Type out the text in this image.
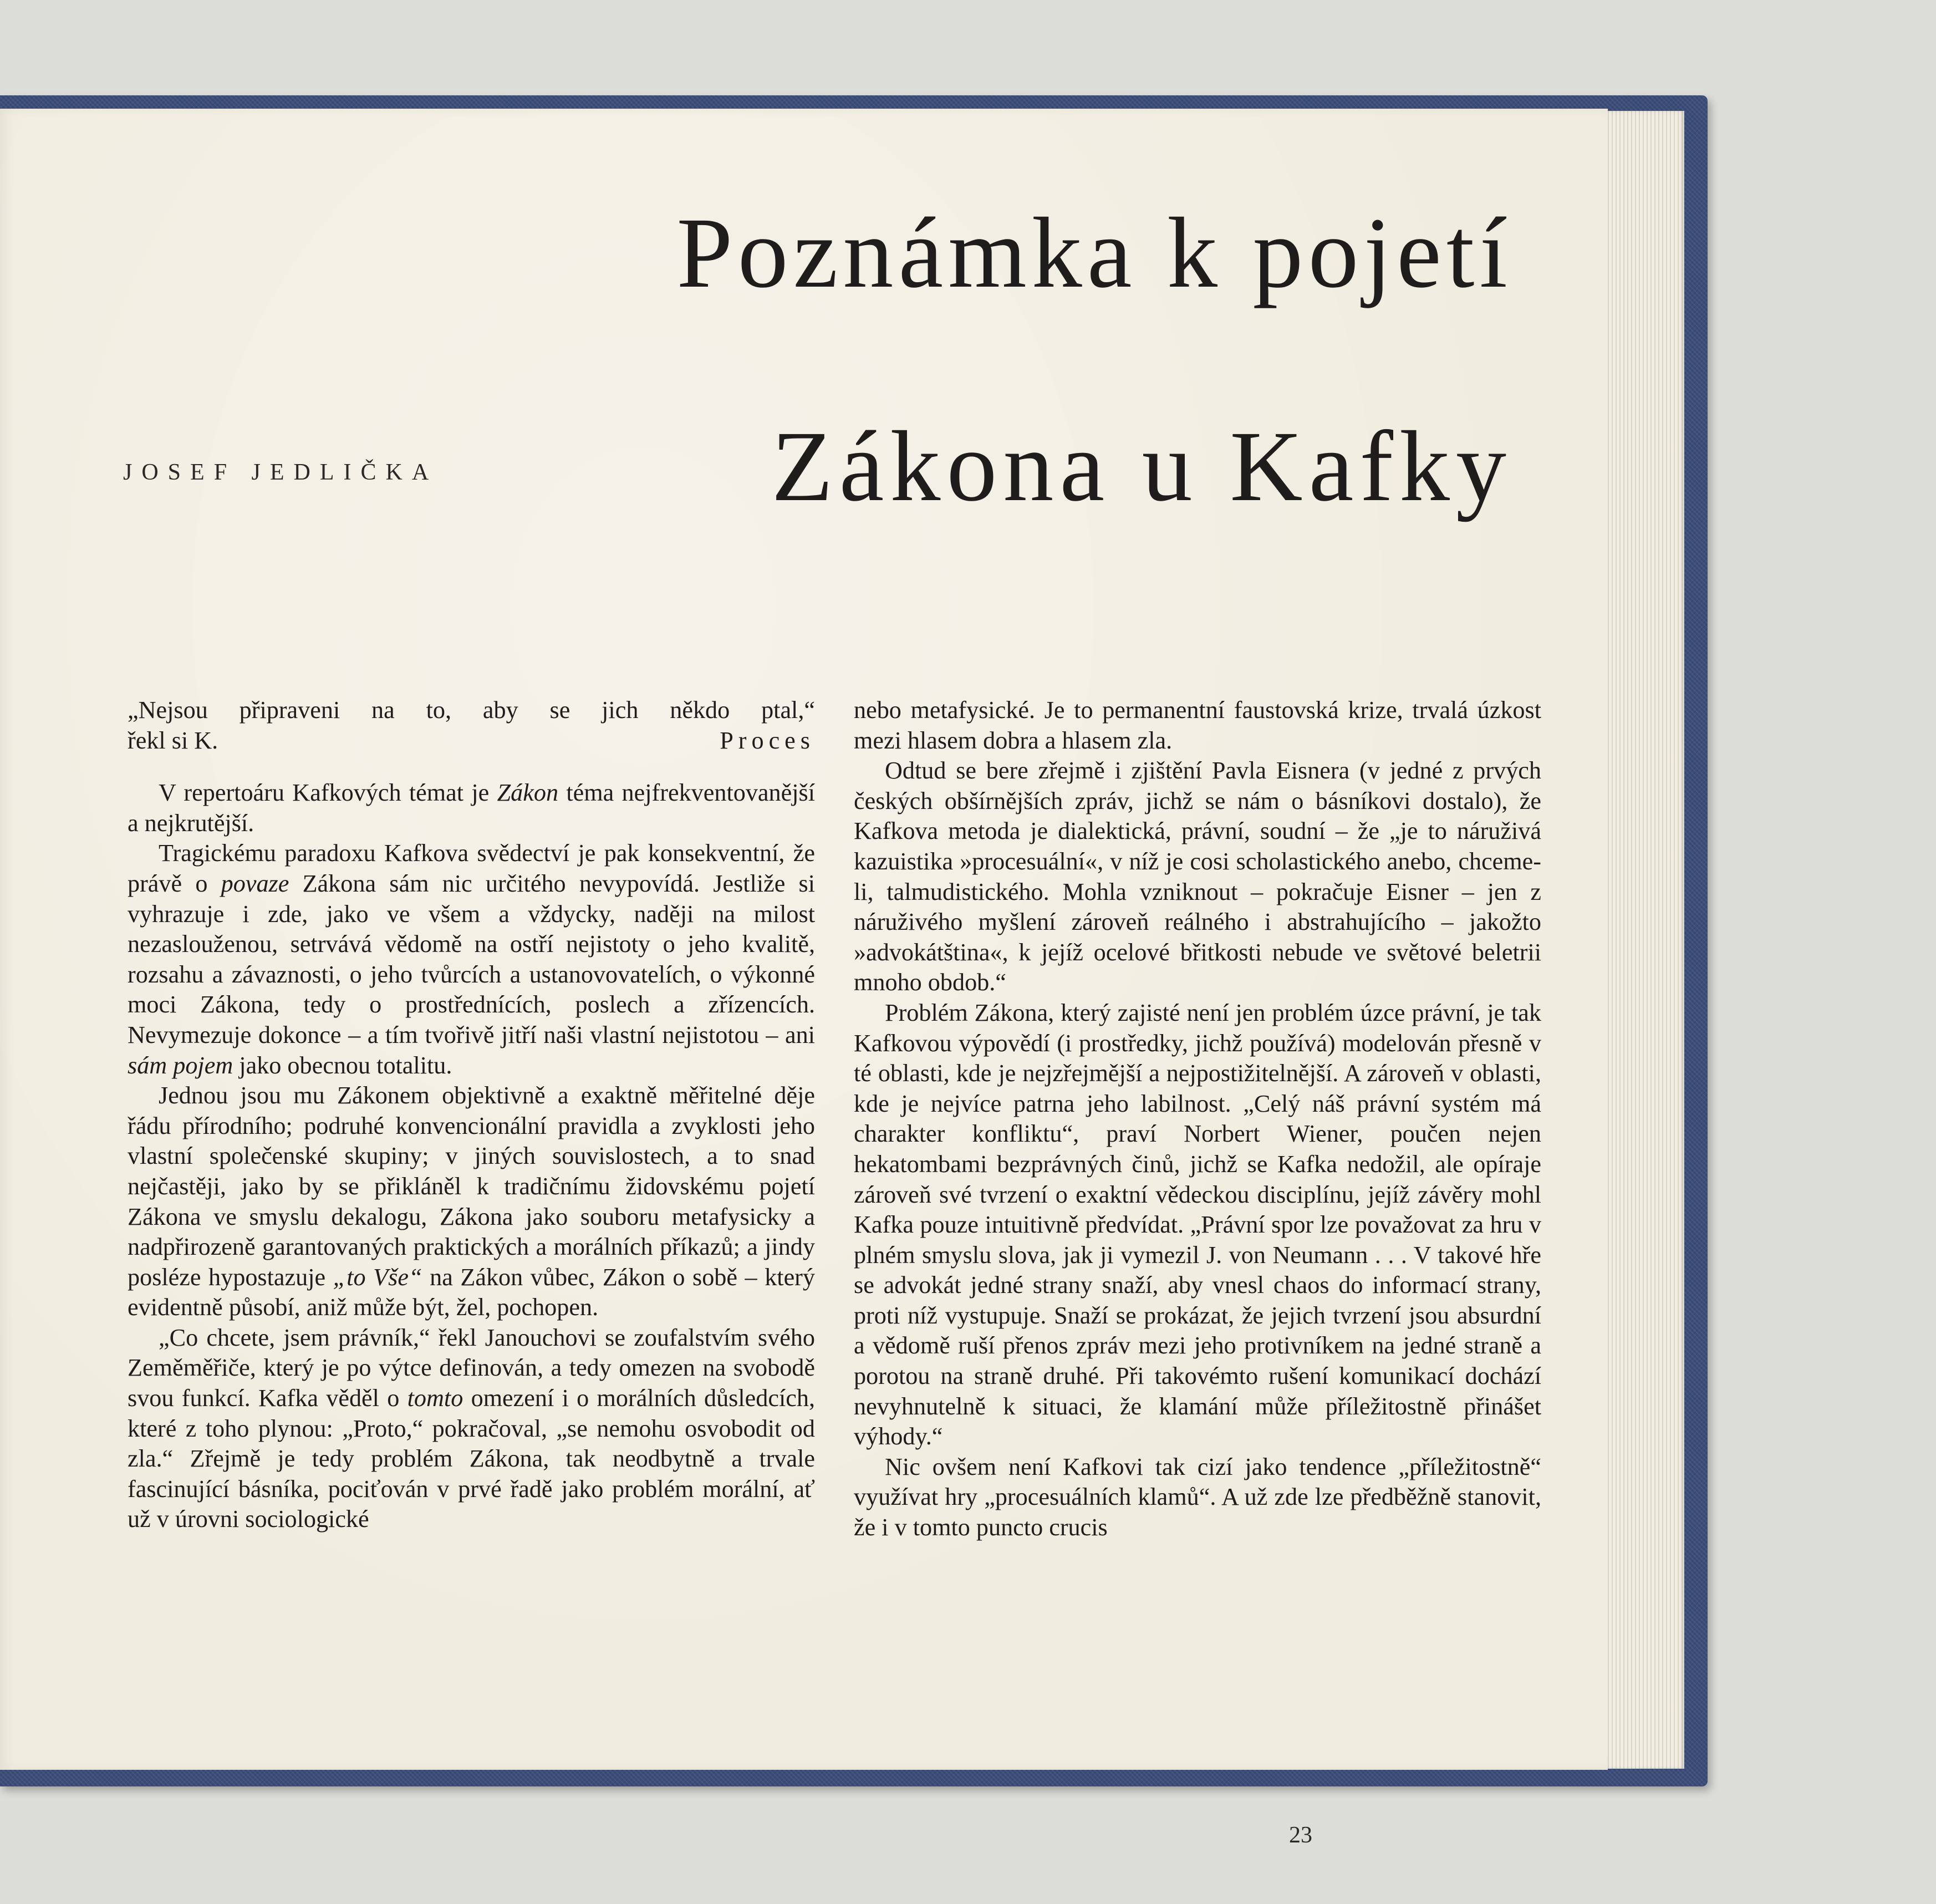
Poznámka k pojetí
Zákona u Kafky
JOSEF JEDLIČKA

„Nejsou připraveni na to, aby se jich někdo ptal,“

řekl si K.	Proces

V repertoáru Kafkových témat je Zákon téma nejfrekventovanější a nejkrutější.

Tragickému paradoxu Kafkova svědectví je pak konsekventní, že právě o povaze Zákona sám nic určitého nevypovídá. Jestliže si vyhrazuje i zde, jako ve všem a vždycky, naději na milost nezaslouženou, setrvává vědomě na ostří nejistoty o jeho kvalitě, rozsahu a závaznosti, o jeho tvůrcích a ustanovovatelích, o výkonné moci Zákona, tedy o prostřednících, poslech a zřízencích. Nevymezuje dokonce – a tím tvořivě jitří naši vlastní nejistotou – ani sám pojem jako obecnou totalitu.

Jednou jsou mu Zákonem objektivně a exaktně měřitelné děje řádu přírodního; podruhé konvencionální pravidla a zvyklosti jeho vlastní společenské skupiny; v jiných souvislostech, a to snad nejčastěji, jako by se přikláněl k tradičnímu židovskému pojetí Zákona ve smyslu dekalogu, Zákona jako souboru metafysicky a nadpřirozeně garantovaných praktických a morálních příkazů; a jindy posléze hypostazuje „to Vše“ na Zákon vůbec, Zákon o sobě – který evidentně působí, aniž může být, žel, pochopen.

„Co chcete, jsem právník,“ řekl Janouchovi se zoufalstvím svého Zeměměřiče, který je po výtce definován, a tedy omezen na svobodě svou funkcí. Kafka věděl o tomto omezení i o morálních důsledcích, které z toho plynou: „Proto,“ pokračoval, „se nemohu osvobodit od zla.“ Zřejmě je tedy problém Zákona, tak neodbytně a trvale fascinující básníka, pociťován v prvé řadě jako problém morální, ať už v úrovni sociologické

nebo metafysické. Je to permanentní faustovská krize, trvalá úzkost mezi hlasem dobra a hlasem zla.

Odtud se bere zřejmě i zjištění Pavla Eisnera (v jedné z prvých českých obšírnějších zpráv, jichž se nám o básníkovi dostalo), že Kafkova metoda je dialektická, právní, soudní – že „je to náruživá kazuistika »procesuální«, v níž je cosi scholastického anebo, chceme-li, talmudistického. Mohla vzniknout – pokračuje Eisner – jen z náruživého myšlení zároveň reálného i abstrahujícího – jakožto »advokátština«, k jejíž ocelové břitkosti nebude ve světové beletrii mnoho obdob.“

Problém Zákona, který zajisté není jen problém úzce právní, je tak Kafkovou výpovědí (i prostředky, jichž používá) modelován přesně v té oblasti, kde je nejzřejmější a nejpostižitelnější. A zároveň v oblasti, kde je nejvíce patrna jeho labilnost. „Celý náš právní systém má charakter konfliktu“, praví Norbert Wiener, poučen nejen hekatombami bezprávných činů, jichž se Kafka nedožil, ale opíraje zároveň své tvrzení o exaktní vědeckou disciplínu, jejíž závěry mohl Kafka pouze intuitivně předvídat. „Právní spor lze považovat za hru v plném smyslu slova, jak ji vymezil J. von Neumann . . . V takové hře se advokát jedné strany snaží, aby vnesl chaos do informací strany, proti níž vystupuje. Snaží se prokázat, že jejich tvrzení jsou absurdní a vědomě ruší přenos zpráv mezi jeho protivníkem na jedné straně a porotou na straně druhé. Při takovémto rušení komunikací dochází nevyhnutelně k situaci, že klamání může příležitostně přinášet výhody.“

Nic ovšem není Kafkovi tak cizí jako tendence „příležitostně“ využívat hry „procesuálních klamů“. A už zde lze předběžně stanovit, že i v tomto puncto crucis

23
